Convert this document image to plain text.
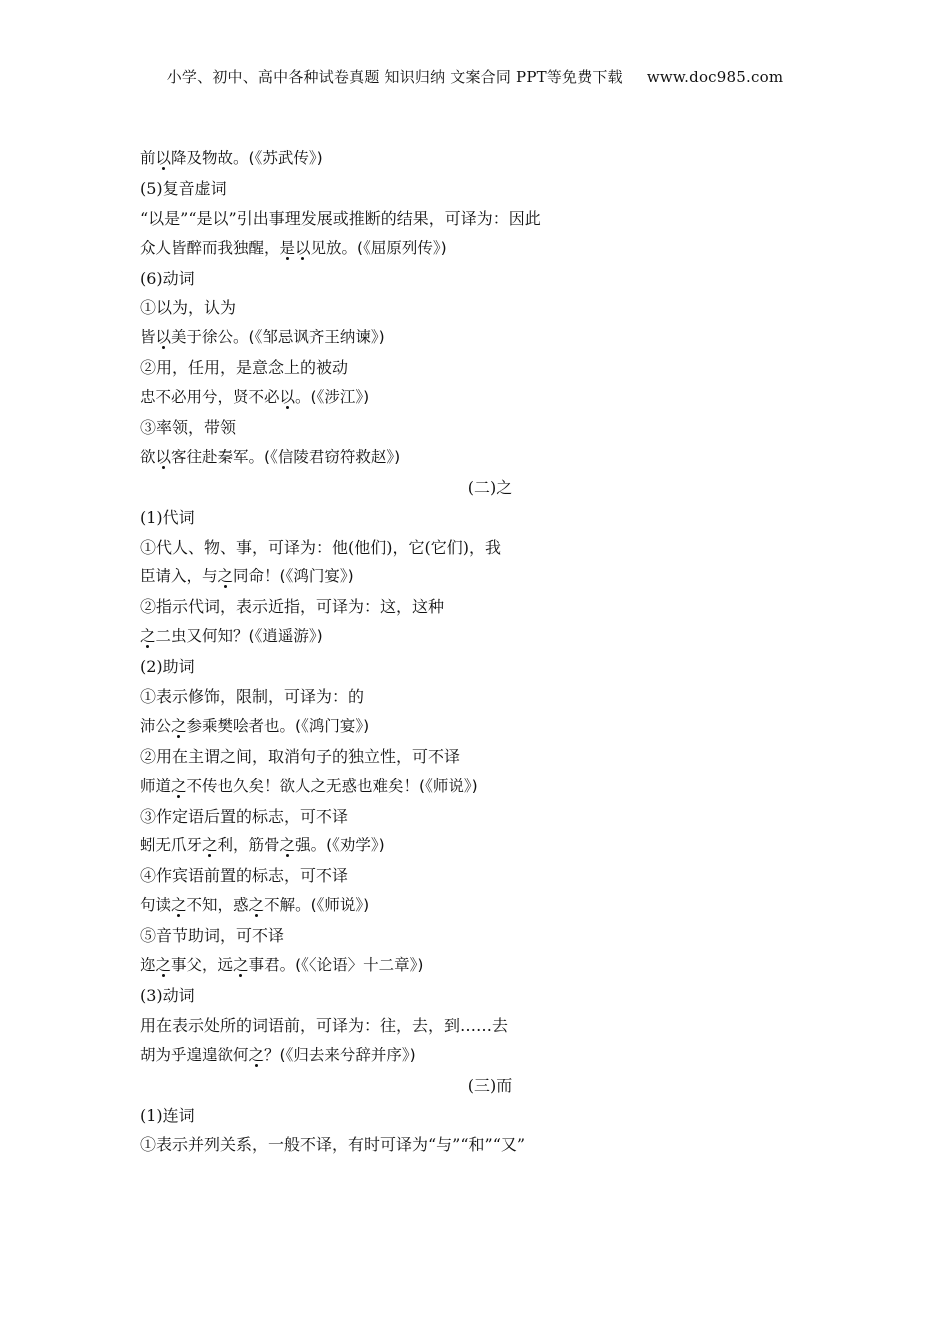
小学、初中、高中各种试卷真题 知识归纳 文案合同 PPT等免费下载 www.doc985.com
前以降及物故。(《苏武传》)
(5)复音虚词
“以是”“是以”引出事理发展或推断的结果，可译为：因此
众人皆醉而我独醒，是以见放。(《屈原列传》)
(6)动词
①以为，认为
皆以美于徐公。(《邹忌讽齐王纳谏》)
②用，任用，是意念上的被动
忠不必用兮，贤不必以。(《涉江》)
③率领，带领
欲以客往赴秦军。(《信陵君窃符救赵》)
(二)之
(1)代词
①代人、物、事，可译为：他(他们)，它(它们)，我
臣请入，与之同命！(《鸿门宴》)
②指示代词，表示近指，可译为：这，这种
之二虫又何知？(《逍遥游》)
(2)助词
①表示修饰，限制，可译为：的
沛公之参乘樊哙者也。(《鸿门宴》)
②用在主谓之间，取消句子的独立性，可不译
师道之不传也久矣！欲人之无惑也难矣！(《师说》)
③作定语后置的标志，可不译
蚓无爪牙之利，筋骨之强。(《劝学》)
④作宾语前置的标志，可不译
句读之不知，惑之不解。(《师说》)
⑤音节助词，可不译
迩之事父，远之事君。(《〈论语〉十二章》)
(3)动词
用在表示处所的词语前，可译为：往，去，到……去
胡为乎遑遑欲何之？(《归去来兮辞并序》)
(三)而
(1)连词
①表示并列关系，一般不译，有时可译为“与”“和”“又”
